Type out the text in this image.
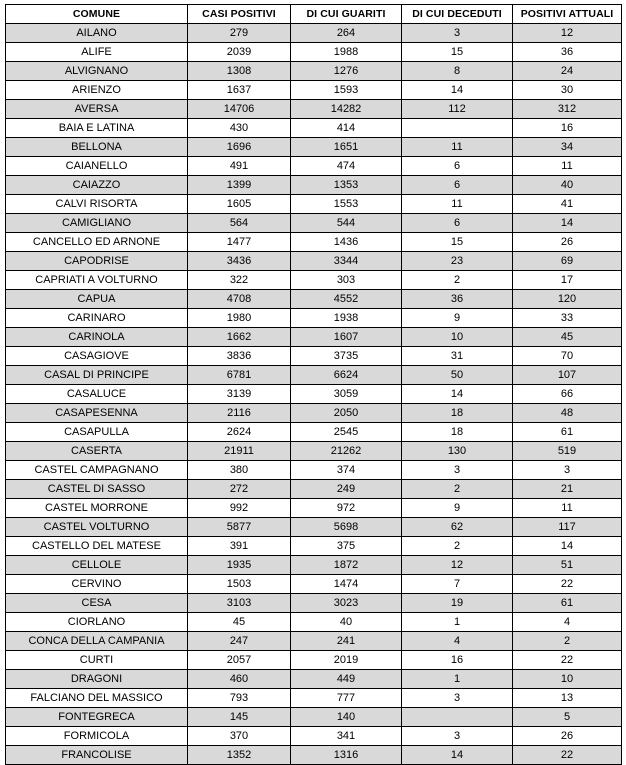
COMUNE	CASI POSITIVI	DI CUI GUARITI	DI CUI DECEDUTI	POSITIVI ATTUALI
AILANO	279	264	3	12
ALIFE	2039	1988	15	36
ALVIGNANO	1308	1276	8	24
ARIENZO	1637	1593	14	30
AVERSA	14706	14282	112	312
BAIA E LATINA	430	414		16
BELLONA	1696	1651	11	34
CAIANELLO	491	474	6	11
CAIAZZO	1399	1353	6	40
CALVI RISORTA	1605	1553	11	41
CAMIGLIANO	564	544	6	14
CANCELLO ED ARNONE	1477	1436	15	26
CAPODRISE	3436	3344	23	69
CAPRIATI A VOLTURNO	322	303	2	17
CAPUA	4708	4552	36	120
CARINARO	1980	1938	9	33
CARINOLA	1662	1607	10	45
CASAGIOVE	3836	3735	31	70
CASAL DI PRINCIPE	6781	6624	50	107
CASALUCE	3139	3059	14	66
CASAPESENNA	2116	2050	18	48
CASAPULLA	2624	2545	18	61
CASERTA	21911	21262	130	519
CASTEL CAMPAGNANO	380	374	3	3
CASTEL DI SASSO	272	249	2	21
CASTEL MORRONE	992	972	9	11
CASTEL VOLTURNO	5877	5698	62	117
CASTELLO DEL MATESE	391	375	2	14
CELLOLE	1935	1872	12	51
CERVINO	1503	1474	7	22
CESA	3103	3023	19	61
CIORLANO	45	40	1	4
CONCA DELLA CAMPANIA	247	241	4	2
CURTI	2057	2019	16	22
DRAGONI	460	449	1	10
FALCIANO DEL MASSICO	793	777	3	13
FONTEGRECA	145	140		5
FORMICOLA	370	341	3	26
FRANCOLISE	1352	1316	14	22
